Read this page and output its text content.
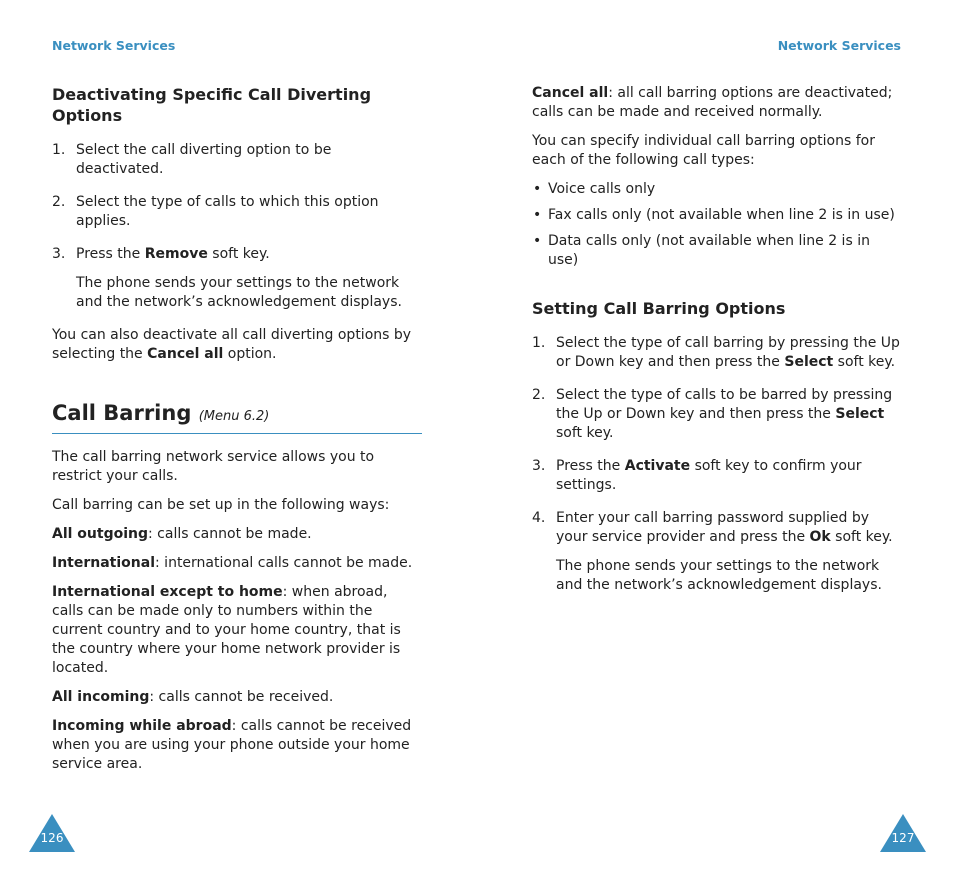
Network Services
Deactivating Specific Call Diverting Options
1. Select the call diverting option to be deactivated.
2. Select the type of calls to which this option applies.
3. Press the Remove soft key.

The phone sends your settings to the network and the network’s acknowledgement displays.

You can also deactivate all call diverting options by selecting the Cancel all option.

Call Barring (Menu 6.2)

The call barring network service allows you to restrict your calls.

Call barring can be set up in the following ways:

All outgoing: calls cannot be made.

International: international calls cannot be made.

International except to home: when abroad, calls can be made only to numbers within the current country and to your home country, that is the country where your home network provider is located.

All incoming: calls cannot be received.

Incoming while abroad: calls cannot be received when you are using your phone outside your home service area.

126
Network Services

Cancel all: all call barring options are deactivated; calls can be made and received normally.

You can specify individual call barring options for each of the following call types:

• Voice calls only
• Fax calls only (not available when line 2 is in use)
• Data calls only (not available when line 2 is in use)
Setting Call Barring Options
1. Select the type of call barring by pressing the Up or Down key and then press the Select soft key.
2. Select the type of calls to be barred by pressing the Up or Down key and then press the Select soft key.
3. Press the Activate soft key to confirm your settings.
4. Enter your call barring password supplied by your service provider and press the Ok soft key.

The phone sends your settings to the network and the network’s acknowledgement displays.

127
